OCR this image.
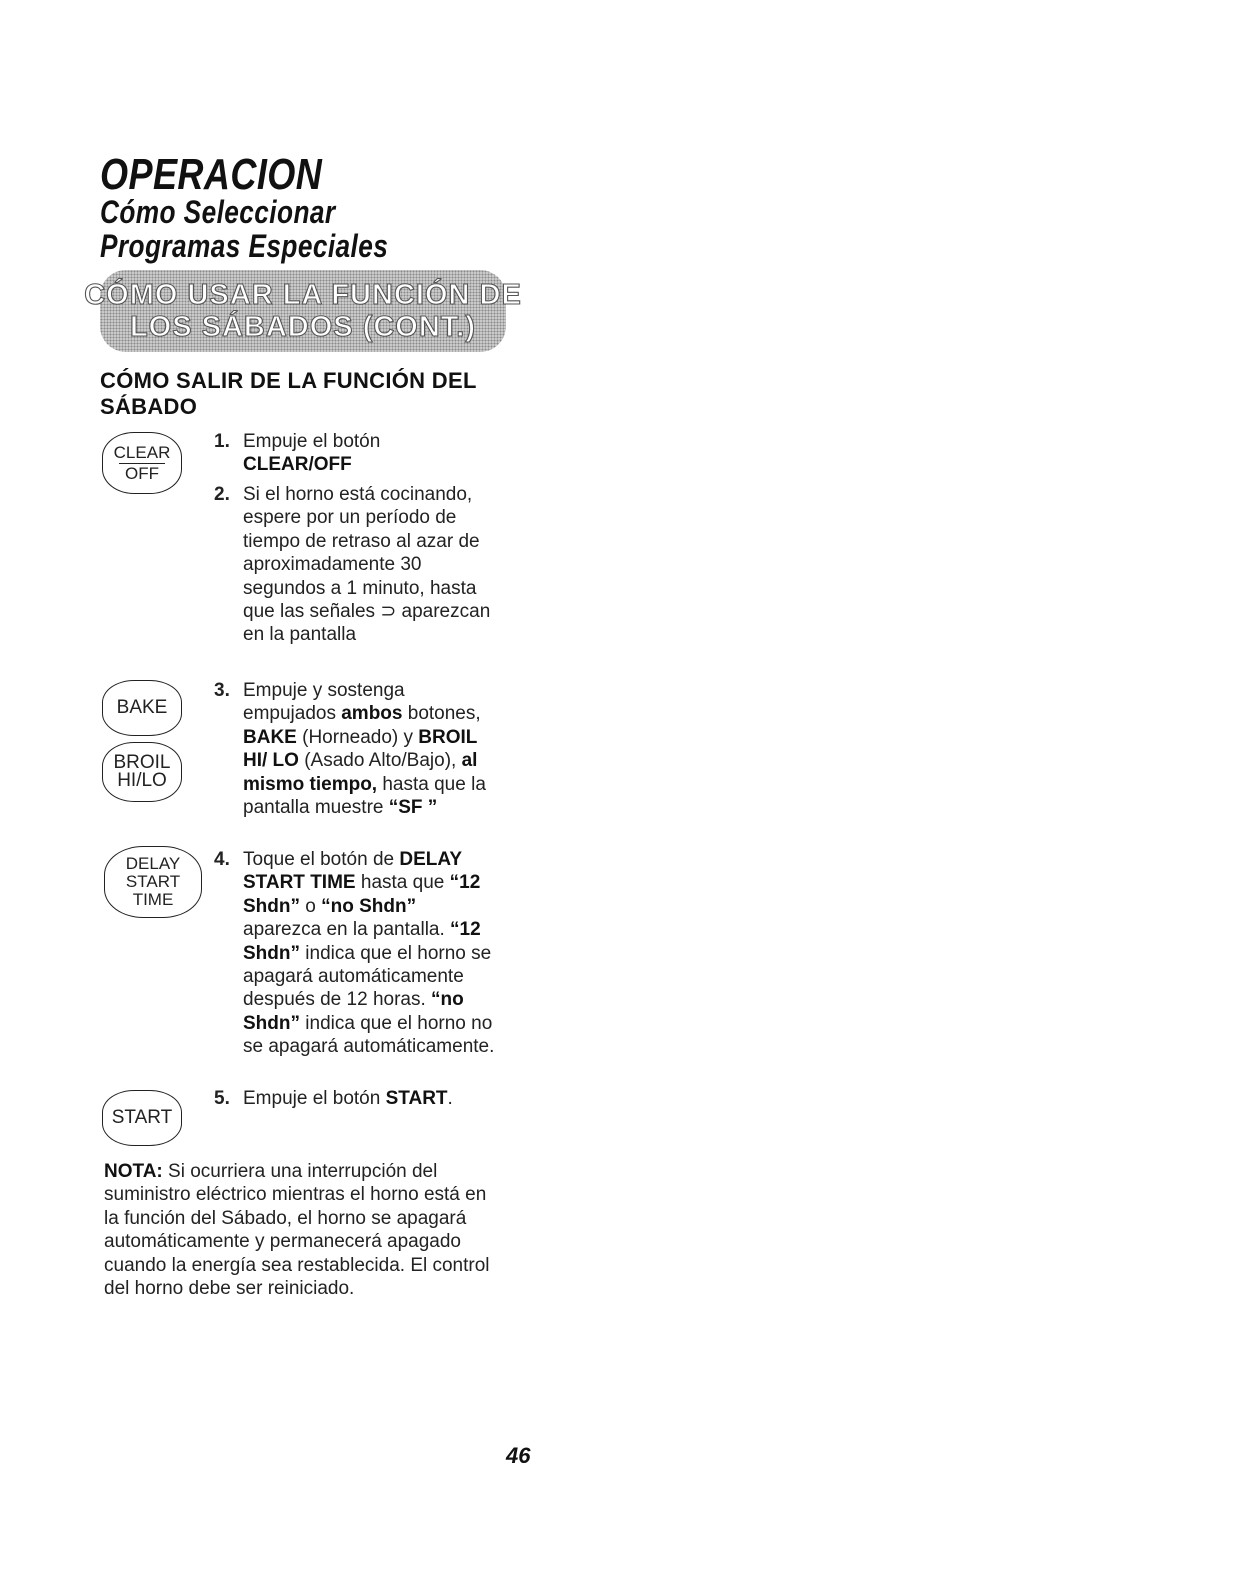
OPERACION
Cómo Seleccionar
Programas Especiales
CÓMO USAR LA FUNCIÓN DE
LOS SÁBADOS (CONT.)
CÓMO SALIR DE LA FUNCIÓN DEL
SÁBADO
CLEAR
OFF
BAKE
BROIL
HI/LO
DELAY
START
TIME
START
1. Empuje el botón
CLEAR/OFF
2. Si el horno está cocinando, espere por un período de tiempo de retraso al azar de aproximadamente 30 segundos a 1 minuto, hasta que las señales ⊃ aparezcan en la pantalla
3. Empuje y sostenga empujados ambos botones, BAKE (Horneado) y BROIL HI/ LO (Asado Alto/Bajo), al mismo tiempo, hasta que la pantalla muestre “SF ”
4. Toque el botón de DELAY START TIME hasta que “12 Shdn” o “no Shdn” aparezca en la pantalla. “12 Shdn” indica que el horno se apagará automáticamente después de 12 horas. “no Shdn” indica que el horno no se apagará automáticamente.
5. Empuje el botón START.
NOTA: Si ocurriera una interrupción del suministro eléctrico mientras el horno está en la función del Sábado, el horno se apagará automáticamente y permanecerá apagado cuando la energía sea restablecida. El control del horno debe ser reiniciado.
46
